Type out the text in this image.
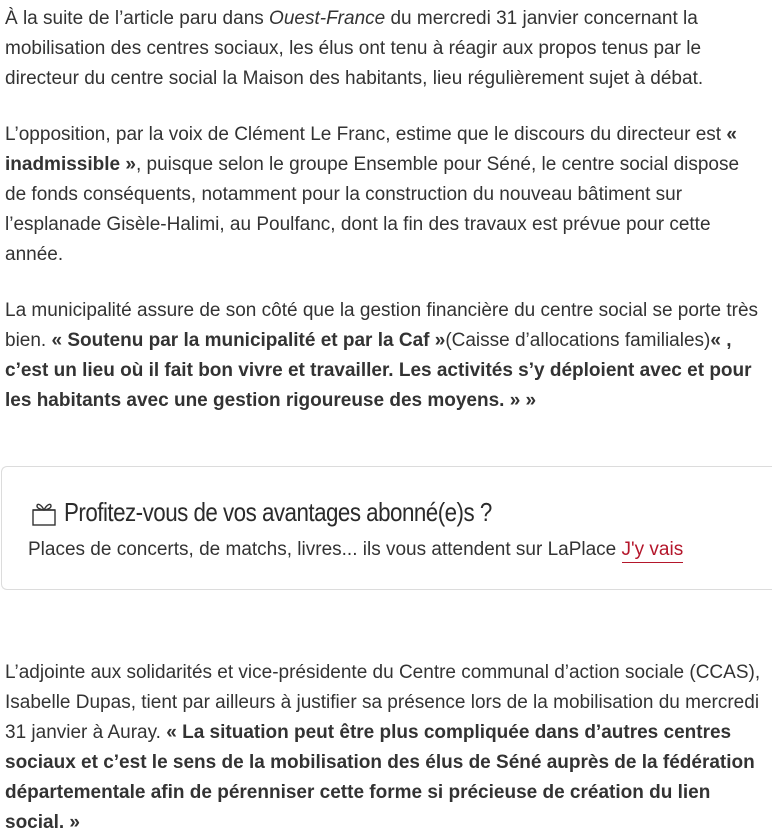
À la suite de l’article paru dans Ouest-France du mercredi 31 janvier concernant la mobilisation des centres sociaux, les élus ont tenu à réagir aux propos tenus par le directeur du centre social la Maison des habitants, lieu régulièrement sujet à débat.

L’opposition, par la voix de Clément Le Franc, estime que le discours du directeur est « inadmissible », puisque selon le groupe Ensemble pour Séné, le centre social dispose de fonds conséquents, notamment pour la construction du nouveau bâtiment sur l’esplanade Gisèle-Halimi, au Poulfanc, dont la fin des travaux est prévue pour cette année.

La municipalité assure de son côté que la gestion financière du centre social se porte très bien. « Soutenu par la municipalité et par la Caf »(Caisse d’allocations familiales)« , c’est un lieu où il fait bon vivre et travailler. Les activités s’y déploient avec et pour les habitants avec une gestion rigoureuse des moyens. » »

L’adjointe aux solidarités et vice-présidente du Centre communal d’action sociale (CCAS), Isabelle Dupas, tient par ailleurs à justifier sa présence lors de la mobilisation du mercredi 31 janvier à Auray. « La situation peut être plus compliquée dans d’autres centres sociaux et c’est le sens de la mobilisation des élus de Séné auprès de la fédération départementale afin de pérenniser cette forme si précieuse de création du lien social. »

Profitez-vous de vos avantages abonné(e)s ?
Places de concerts, de matchs, livres... ils vous attendent sur LaPlace J'y vais
